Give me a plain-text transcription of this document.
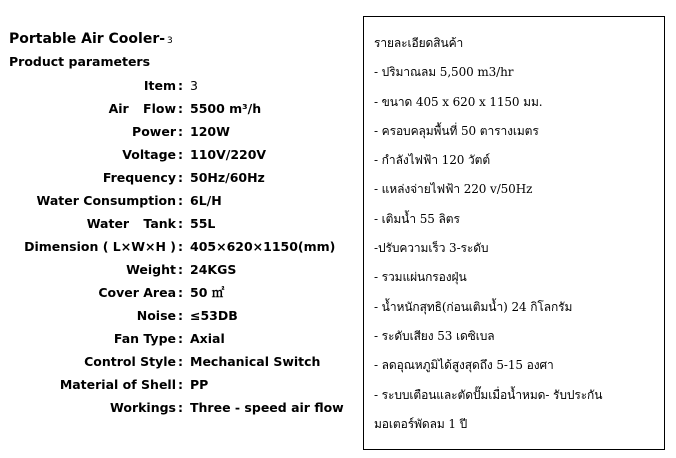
Portable Air Cooler- 3
Product parameters
Item : 3
Air Flow : 5500 m³/h
Power : 120W
Voltage : 110V/220V
Frequency : 50Hz/60Hz
Water Consumption : 6L/H
Water Tank : 55L
Dimension ( L×W×H ) : 405×620×1150(mm)
Weight : 24KGS
Cover Area : 50 ㎡
Noise : ≤53DB
Fan Type : Axial
Control Style : Mechanical Switch
Material of Shell : PP
Workings : Three - speed air flow
รายละเอียดสินค้า
- ปริมาณลม 5,500 m3/hr
- ขนาด 405 x 620 x 1150 มม.
- ครอบคลุมพื้นที่ 50 ตารางเมตร
- กำลังไฟฟ้า 120 วัตต์
- แหล่งจ่ายไฟฟ้า 220 v/50Hz
- เติมน้ำ 55 ลิตร
-ปรับความเร็ว 3-ระดับ
- รวมแผ่นกรองฝุ่น
- น้ำหนักสุทธิ(ก่อนเติมน้ำ) 24 กิโลกรัม
- ระดับเสียง 53 เดซิเบล
- ลดอุณหภูมิได้สูงสุดถึง 5-15 องศา
- ระบบเตือนและตัดปั๊มเมื่อน้ำหมด- รับประกัน
มอเตอร์พัดลม 1 ปี
